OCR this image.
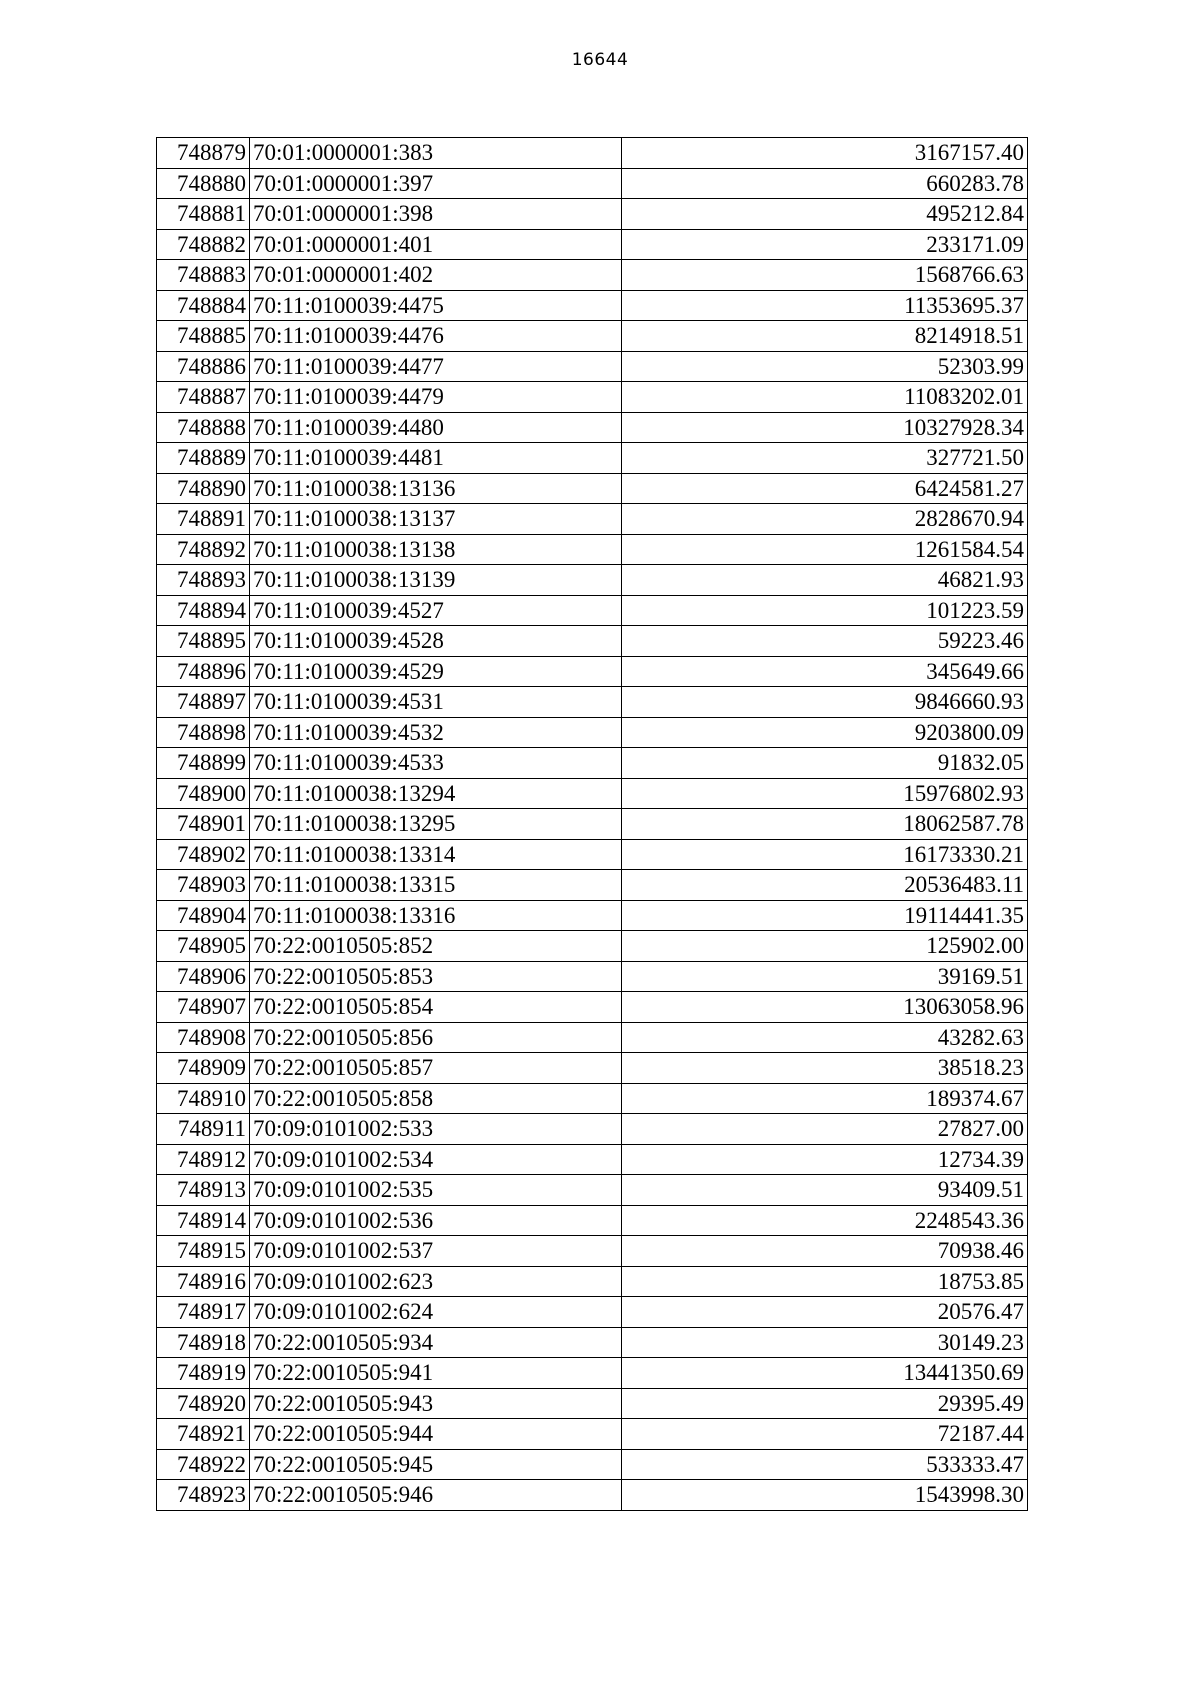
16644
748879	70:01:0000001:383	3167157.40
748880	70:01:0000001:397	660283.78
748881	70:01:0000001:398	495212.84
748882	70:01:0000001:401	233171.09
748883	70:01:0000001:402	1568766.63
748884	70:11:0100039:4475	11353695.37
748885	70:11:0100039:4476	8214918.51
748886	70:11:0100039:4477	52303.99
748887	70:11:0100039:4479	11083202.01
748888	70:11:0100039:4480	10327928.34
748889	70:11:0100039:4481	327721.50
748890	70:11:0100038:13136	6424581.27
748891	70:11:0100038:13137	2828670.94
748892	70:11:0100038:13138	1261584.54
748893	70:11:0100038:13139	46821.93
748894	70:11:0100039:4527	101223.59
748895	70:11:0100039:4528	59223.46
748896	70:11:0100039:4529	345649.66
748897	70:11:0100039:4531	9846660.93
748898	70:11:0100039:4532	9203800.09
748899	70:11:0100039:4533	91832.05
748900	70:11:0100038:13294	15976802.93
748901	70:11:0100038:13295	18062587.78
748902	70:11:0100038:13314	16173330.21
748903	70:11:0100038:13315	20536483.11
748904	70:11:0100038:13316	19114441.35
748905	70:22:0010505:852	125902.00
748906	70:22:0010505:853	39169.51
748907	70:22:0010505:854	13063058.96
748908	70:22:0010505:856	43282.63
748909	70:22:0010505:857	38518.23
748910	70:22:0010505:858	189374.67
748911	70:09:0101002:533	27827.00
748912	70:09:0101002:534	12734.39
748913	70:09:0101002:535	93409.51
748914	70:09:0101002:536	2248543.36
748915	70:09:0101002:537	70938.46
748916	70:09:0101002:623	18753.85
748917	70:09:0101002:624	20576.47
748918	70:22:0010505:934	30149.23
748919	70:22:0010505:941	13441350.69
748920	70:22:0010505:943	29395.49
748921	70:22:0010505:944	72187.44
748922	70:22:0010505:945	533333.47
748923	70:22:0010505:946	1543998.30
